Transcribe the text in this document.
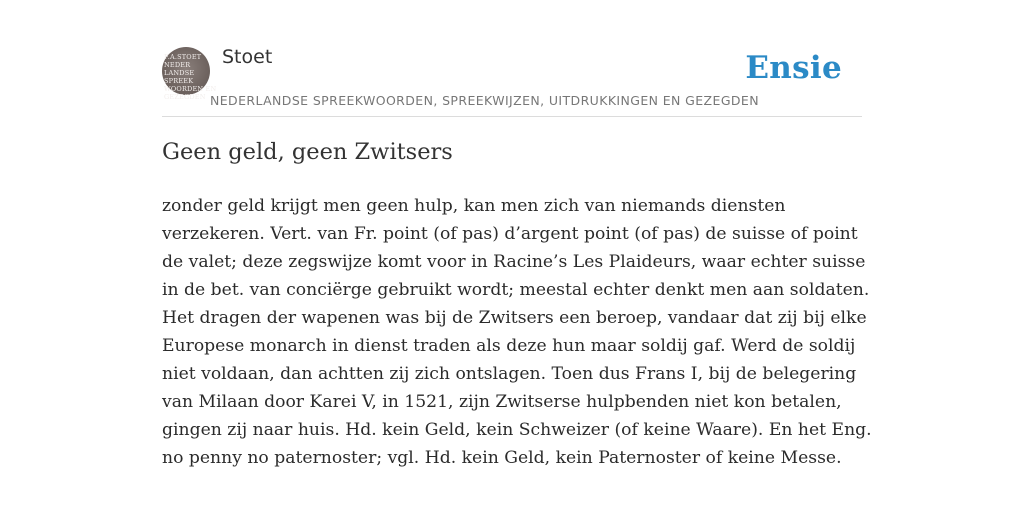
F.A.STOET
NEDER
LANDSE
SPREEK
WOORDEN EN
GEZEGDEN
Stoet
NEDERLANDSE SPREEKWOORDEN, SPREEKWIJZEN, UITDRUKKINGEN EN GEZEGDEN
Ensie
Geen geld, geen Zwitsers
zonder geld krijgt men geen hulp, kan men zich van niemands diensten
verzekeren. Vert. van Fr. point (of pas) d’argent point (of pas) de suisse of point
de valet; deze zegswijze komt voor in Racine’s Les Plaideurs, waar echter suisse
in de bet. van conciërge gebruikt wordt; meestal echter denkt men aan soldaten.
Het dragen der wapenen was bij de Zwitsers een beroep, vandaar dat zij bij elke
Europese monarch in dienst traden als deze hun maar soldij gaf. Werd de soldij
niet voldaan, dan achtten zij zich ontslagen. Toen dus Frans I, bij de belegering
van Milaan door Karei V, in 1521, zijn Zwitserse hulpbenden niet kon betalen,
gingen zij naar huis. Hd. kein Geld, kein Schweizer (of keine Waare). En het Eng.
no penny no paternoster; vgl. Hd. kein Geld, kein Paternoster of keine Messe.
